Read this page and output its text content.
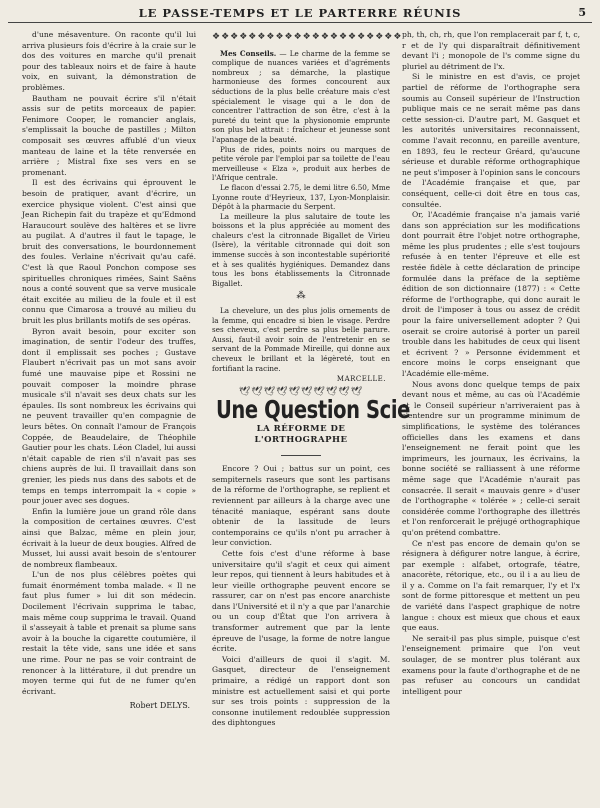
LE PASSE-TEMPS ET LE PARTERRE RÉUNIS	5

d'une mésaventure. On raconte qu'il lui arriva plusieurs fois d'écrire à la craie sur le dos des voitures en marche qu'il prenait pour des tableaux noirs et de faire à haute voix, en suivant, la démonstration de problèmes.

Bautham ne pouvait écrire s'il n'était assis sur de petits morceaux de papier. Fenimore Cooper, le romancier anglais, s'emplissait la bouche de pastilles ; Milton composait ses œuvres affublé d'un vieux manteau de laine et la tête renversée en arrière ; Mistral fixe ses vers en se promenant.

Il est des écrivains qui éprouvent le besoin de pratiquer, avant d'écrire, un exercice physique violent. C'est ainsi que Jean Richepin fait du trapèze et qu'Edmond Haraucourt soulève des haltères et se livre au pugilat. A d'autres il faut le tapage, le bruit des conversations, le bourdonnement des foules. Verlaine n'écrivait qu'au café. C'est là que Raoul Ponchon compose ses spirituelles chroniques rimées, Saint Saëns nous a conté souvent que sa verve musicale était excitée au milieu de la foule et il est connu que Cimarosa a trouvé au milieu du bruit les plus brillants motifs de ses opéras.

Byron avait besoin, pour exciter son imagination, de sentir l'odeur des truffes, dont il emplissait ses poches ; Gustave Flaubert n'écrivait pas un mot sans avoir fumé une mauvaise pipe et Rossini ne pouvait composer la moindre phrase musicale s'il n'avait ses deux chats sur les épaules. Ils sont nombreux les écrivains qui ne peuvent travailler qu'en compagnie de leurs bêtes. On connaît l'amour de François Coppée, de Beaudelaire, de Théophile Gautier pour les chats. Léon Cladel, lui aussi n'était capable de rien s'il n'avait pas ses chiens auprès de lui. Il travaillait dans son grenier, les pieds nus dans des sabots et de temps en temps interrompait la « copie » pour jouer avec ses dogues.

Enfin la lumière joue un grand rôle dans la composition de certaines œuvres. C'est ainsi que Balzac, même en plein jour, écrivait à la lueur de deux bougies. Alfred de Musset, lui aussi avait besoin de s'entourer de nombreux flambeaux.

L'un de nos plus célèbres poètes qui fumait énormément tomba malade. « Il ne faut plus fumer » lui dit son médecin. Docilement l'écrivain supprima le tabac, mais même coup supprima le travail. Quand il s'asseyait à table et prenait sa plume sans avoir à la bouche la cigarette coutumière, il restait la tête vide, sans une idée et sans une rime. Pour ne pas se voir contraint de renoncer à la littérature, il dut prendre un moyen terme qui fut de ne fumer qu'en écrivant.

Robert DELYS.
❖❖❖❖❖❖❖❖❖❖❖❖❖❖❖❖❖❖❖❖❖

Mes Conseils. — Le charme de la femme se complique de nuances variées et d'agréments nombreux ; sa démarche, la plastique harmonieuse des formes concourent aux séductions de la plus belle créature mais c'est spécialement le visage qui a le don de concentrer l'attraction de son être, c'est à la pureté du teint que la physionomie emprunte son plus bel attrait : fraîcheur et jeunesse sont l'apanage de la beauté.

Plus de rides, points noirs ou marques de petite vérole par l'emploi par sa toilette de l'eau merveilleuse « Elza », produit aux herbes de l'Afrique centrale.

Le flacon d'essai 2.75, le demi litre 6.50, Mme Lyonne route d'Heyrieux, 137, Lyon-Monplaisir. Dépôt à la pharmacie du Serpent.

La meilleure la plus salutaire de toute les boissons et la plus appréciée au moment des chaleurs c'est la citronnade Bigallet de Virieu (Isère), la véritable citronnade qui doit son immense succès à son incontestable supériorité et à ses qualités hygiéniques. Demandez dans tous les bons établissements la Citronnade Bigallet.

⁂

La chevelure, un des plus jolis ornements de la femme, qui encadre si bien le visage. Perdre ses cheveux, c'est perdre sa plus belle parure. Aussi, faut-il avoir soin de l'entretenir en se servant de la Pommade Mireille, qui donne aux cheveux le brillant et la légèreté, tout en fortifiant la racine.

MARCELLE.
🕊🕊🕊🕊🕊🕊🕊🕊🕊🕊
Une Question Scie
LA RÉFORME DE L'ORTHOGRAPHE

Encore ? Oui ; battus sur un point, ces sempiternels raseurs que sont les partisans de la réforme de l'orthographe, se replient et reviennent par ailleurs à la charge avec une ténacité maniaque, espérant sans doute obtenir de la lassitude de leurs contemporains ce qu'ils n'ont pu arracher à leur conviction.

Cette fois c'est d'une réforme à base universitaire qu'il s'agit et ceux qui aiment leur repos, qui tiennent à leurs habitudes et à leur vieille orthographe peuvent encore se rassurer, car on n'est pas encore anarchiste dans l'Université et il n'y a que par l'anarchie ou un coup d'État que l'on arrivera à transformer autrement que par la lente épreuve de l'usage, la forme de notre langue écrite.

Voici d'ailleurs de quoi il s'agit. M. Gasquet, directeur de l'enseignement primaire, a rédigé un rapport dont son ministre est actuellement saisi et qui porte sur ses trois points : suppression de la consonne inutilement redoublée suppression des diphtongues

ph, th, ch, rh, que l'on remplacerait par f, t, c, r et de l'y qui disparaîtrait définitivement devant l'i ; monopole de l's comme signe du pluriel au détriment de l'x.

Si le ministre en est d'avis, ce projet partiel de réforme de l'orthographe sera soumis au Conseil supérieur de l'Instruction publique mais ce ne serait même pas dans cette session-ci. D'autre part, M. Gasquet et les autorités universitaires reconnaissent, comme l'avait reconnu, en pareille aventure, en 1893, feu le recteur Gréard, qu'aucune sérieuse et durable réforme orthographique ne peut s'imposer à l'opinion sans le concours de l'Académie française et que, par conséquent, celle-ci doit être en tous cas, consultée.

Or, l'Académie française n'a jamais varié dans son appréciation sur les modifications dont pourrait être l'objet notre orthographe, même les plus prudentes ; elle s'est toujours refusée à en tenter l'épreuve et elle est restée fidèle à cette déclaration de principe formulée dans la préface de la septième édition de son dictionnaire (1877) : « Cette réforme de l'orthographe, qui donc aurait le droit de l'imposer à tous ou assez de crédit pour la faire universellement adopter ? Qui oserait se croire autorisé à porter un pareil trouble dans les habitudes de ceux qui lisent et écrivent ? » Personne évidemment et encore moins le corps enseignant que l'Académie elle-même.

Nous avons donc quelque temps de paix devant nous et même, au cas où l'Académie et le Conseil supérieur n'arriveraient pas à s'entendre sur un programme minimum de simplifications, le système des tolérances officielles dans les examens et dans l'enseignement ne ferait point que les imprimeurs, les journaux, les écrivains, la bonne société se ralliassent à une réforme même sage que l'Académie n'aurait pas consacrée. Il serait « mauvais genre » d'user de l'orthographe « tolérée » ; celle-ci serait considérée comme l'orthographe des illettrés et l'on renforcerait le préjugé orthographique qu'on prétend combattre.

Ce n'est pas encore de demain qu'on se résignera à défigurer notre langue, à écrire, par exemple : alfabet, ortografe, téatre, anacorète, rétorique, etc., ou il i a au lieu de il y a. Comme on l'a fait remarquer, l'y et l'x sont de forme pittoresque et mettent un peu de variété dans l'aspect graphique de notre langue : choux est mieux que chous et eaux que eaus.

Ne serait-il pas plus simple, puisque c'est l'enseignement primaire que l'on veut soulager, de se montrer plus tolérant aux examens pour la faute d'orthographe et de ne pas refuser au concours un candidat intelligent pour
